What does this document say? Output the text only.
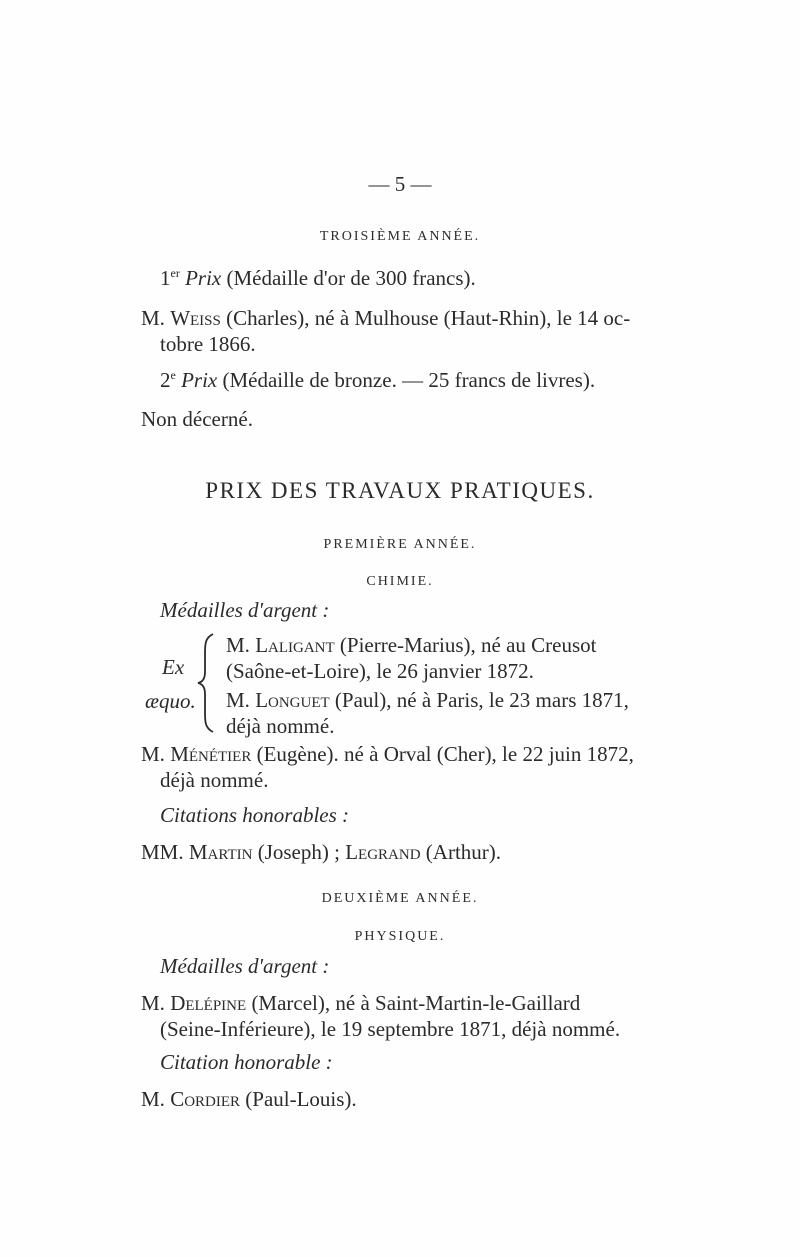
— 5 —
TROISIÈME ANNÉE.
1er Prix (Médaille d'or de 300 francs).
M. Weiss (Charles), né à Mulhouse (Haut-Rhin), le 14 oc-
tobre 1866.
2e Prix (Médaille de bronze. — 25 francs de livres).
Non décerné.
PRIX DES TRAVAUX PRATIQUES.
PREMIÈRE ANNÉE.
CHIMIE.
Médailles d'argent :
Ex
æquo.
M. Laligant (Pierre-Marius), né au Creusot
(Saône-et-Loire), le 26 janvier 1872.
M. Longuet (Paul), né à Paris, le 23 mars 1871,
déjà nommé.
M. Ménétier (Eugène). né à Orval (Cher), le 22 juin 1872,
déjà nommé.
Citations honorables :
MM. Martin (Joseph) ; Legrand (Arthur).
DEUXIÈME ANNÉE.
PHYSIQUE.
Médailles d'argent :
M. Delépine (Marcel), né à Saint-Martin-le-Gaillard
(Seine-Inférieure), le 19 septembre 1871, déjà nommé.
Citation honorable :
M. Cordier (Paul-Louis).
